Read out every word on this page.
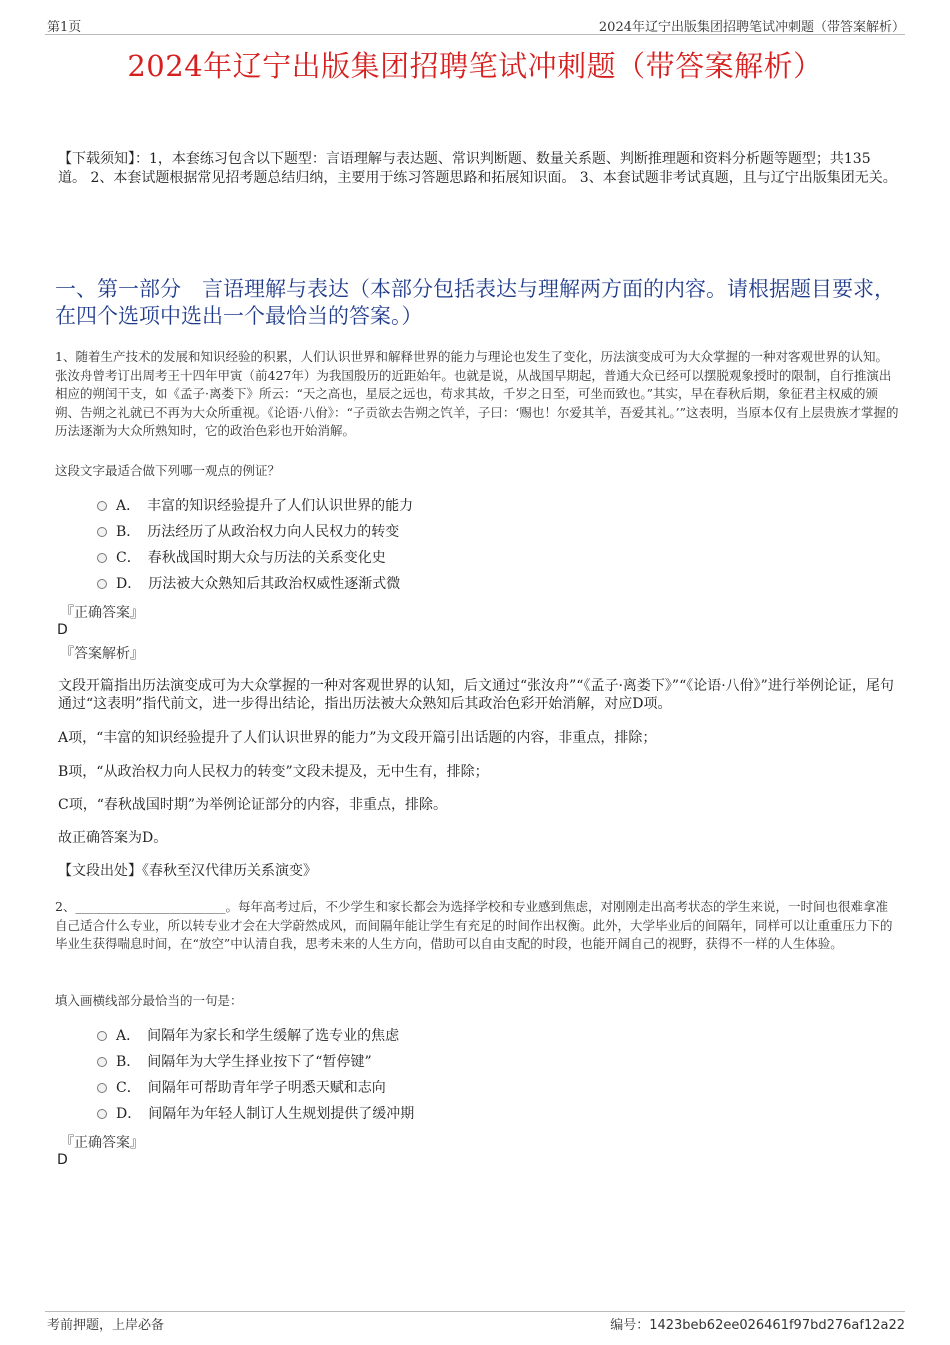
第1页	2024年辽宁出版集团招聘笔试冲刺题（带答案解析）
2024年辽宁出版集团招聘笔试冲刺题（带答案解析）
【下载须知】：1，本套练习包含以下题型：言语理解与表达题、常识判断题、数量关系题、判断推理题和资料分析题等题型；共135道。 2、本套试题根据常见招考题总结归纳，主要用于练习答题思路和拓展知识面。 3、本套试题非考试真题，且与辽宁出版集团无关。
一、第一部分　言语理解与表达（本部分包括表达与理解两方面的内容。请根据题目要求，在四个选项中选出一个最恰当的答案。）
1、随着生产技术的发展和知识经验的积累，人们认识世界和解释世界的能力与理论也发生了变化，历法演变成可为大众掌握的一种对客观世界的认知。张汝舟曾考订出周考王十四年甲寅（前427年）为我国殷历的近距始年。也就是说，从战国早期起，普通大众已经可以摆脱观象授时的限制，自行推演出相应的朔闰干支，如《孟子·离娄下》所云：“天之高也，星辰之远也，苟求其故，千岁之日至，可坐而致也。”其实，早在春秋后期，象征君主权威的颁朔、告朔之礼就已不再为大众所重视。《论语·八佾》：“子贡欲去告朔之饩羊，子曰：‘赐也！尔爱其羊，吾爱其礼。’”这表明，当原本仅有上层贵族才掌握的历法逐渐为大众所熟知时，它的政治色彩也开始消解。
这段文字最适合做下列哪一观点的例证？
A．　丰富的知识经验提升了人们认识世界的能力
B．　历法经历了从政治权力向人民权力的转变
C．　春秋战国时期大众与历法的关系变化史
D．　历法被大众熟知后其政治权威性逐渐式微
『正确答案』
D
『答案解析』
文段开篇指出历法演变成可为大众掌握的一种对客观世界的认知，后文通过“张汝舟”“《孟子·离娄下》”“《论语·八佾》”进行举例论证，尾句通过“这表明”指代前文，进一步得出结论，指出历法被大众熟知后其政治色彩开始消解，对应D项。
A项，“丰富的知识经验提升了人们认识世界的能力”为文段开篇引出话题的内容，非重点，排除；
B项，“从政治权力向人民权力的转变”文段未提及，无中生有，排除；
C项，“春秋战国时期”为举例论证部分的内容，非重点，排除。
故正确答案为D。
【文段出处】《春秋至汉代律历关系演变》
2、________________________。每年高考过后，不少学生和家长都会为选择学校和专业感到焦虑，对刚刚走出高考状态的学生来说，一时间也很难拿准自己适合什么专业，所以转专业才会在大学蔚然成风，而间隔年能让学生有充足的时间作出权衡。此外，大学毕业后的间隔年，同样可以让重重压力下的毕业生获得喘息时间，在“放空”中认清自我，思考未来的人生方向，借助可以自由支配的时段，也能开阔自己的视野，获得不一样的人生体验。
填入画横线部分最恰当的一句是：
A．　间隔年为家长和学生缓解了选专业的焦虑
B．　间隔年为大学生择业按下了“暂停键”
C．　间隔年可帮助青年学子明悉天赋和志向
D．　间隔年为年轻人制订人生规划提供了缓冲期
『正确答案』
D
考前押题，上岸必备	编号：1423beb62ee026461f97bd276af12a22
